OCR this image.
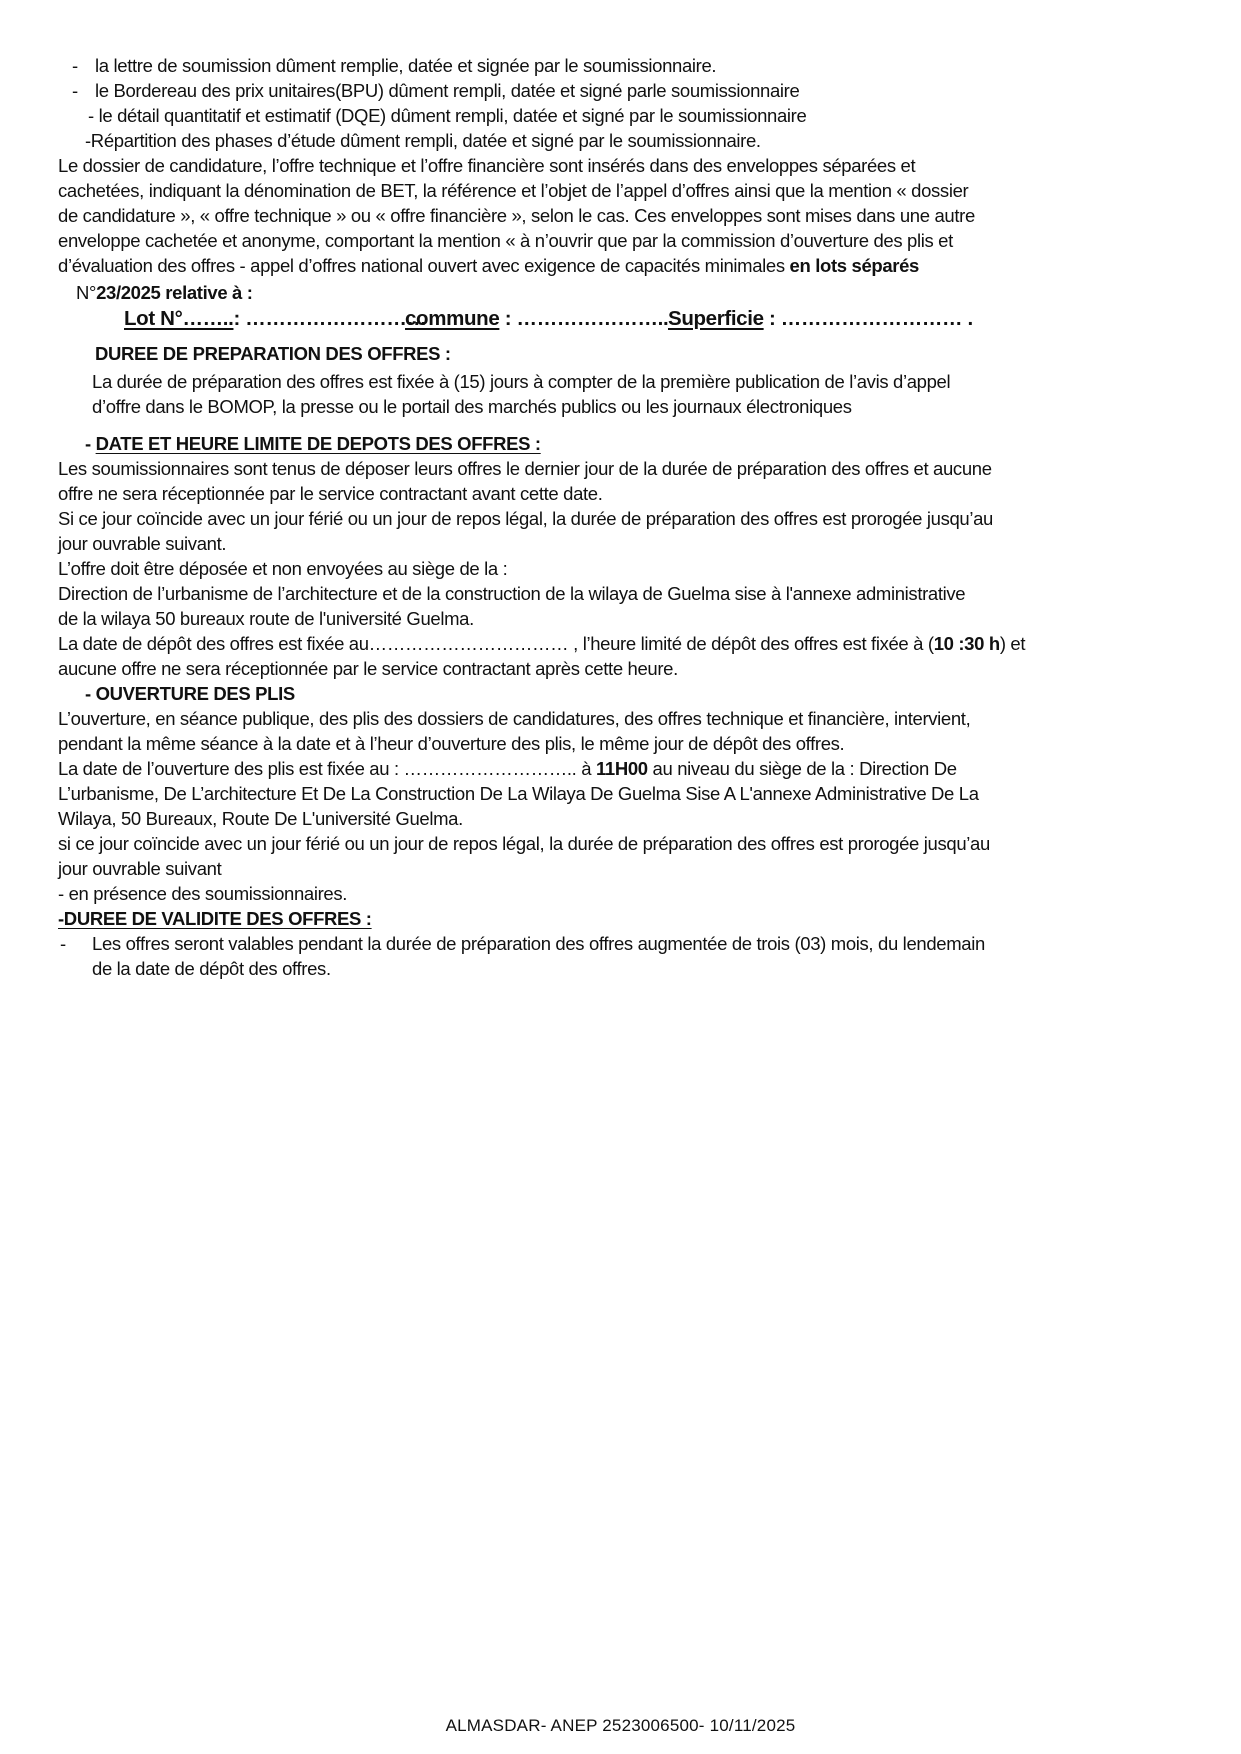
- la lettre de soumission dûment remplie, datée et signée par le soumissionnaire.
- le Bordereau des prix unitaires(BPU) dûment rempli, datée et signé parle soumissionnaire
- le détail quantitatif et estimatif (DQE) dûment rempli, datée et signé par le soumissionnaire
-Répartition des phases d’étude dûment rempli, datée et signé par le soumissionnaire.
Le dossier de candidature, l’offre technique et l’offre financière sont insérés dans des enveloppes séparées et
cachetées, indiquant la dénomination de BET, la référence et l’objet de l’appel d’offres ainsi que la mention « dossier
de candidature », « offre technique » ou « offre financière », selon le cas. Ces enveloppes sont mises dans une autre
enveloppe cachetée et anonyme, comportant la mention « à n’ouvrir que par la commission d’ouverture des plis et
d’évaluation des offres - appel d’offres national ouvert avec exigence de capacités minimales en lots séparés
N°23/2025 relative à :
Lot N°……..: ………………………
commune : ………………….. Superficie : ……………………… .
DUREE DE PREPARATION DES OFFRES :
La durée de préparation des offres est fixée à (15) jours à compter de la première publication de l’avis d’appel
d’offre dans le BOMOP, la presse ou le portail des marchés publics ou les journaux électroniques
- DATE ET HEURE LIMITE DE DEPOTS DES OFFRES :
Les soumissionnaires sont tenus de déposer leurs offres le dernier jour de la durée de préparation des offres et aucune
offre ne sera réceptionnée par le service contractant avant cette date.
Si ce jour coïncide avec un jour férié ou un jour de repos légal, la durée de préparation des offres est prorogée jusqu’au
jour ouvrable suivant.
L’offre doit être déposée et non envoyées au siège de la :
Direction de l’urbanisme de l’architecture et de la construction de la wilaya de Guelma sise à l'annexe administrative
de la wilaya 50 bureaux route de l'université Guelma.
La date de dépôt des offres est fixée au…………………………… , l’heure limité de dépôt des offres est fixée à (10 :30 h) et
aucune offre ne sera réceptionnée par le service contractant après cette heure.
- OUVERTURE DES PLIS
L’ouverture, en séance publique, des plis des dossiers de candidatures, des offres technique et financière, intervient,
pendant la même séance à la date et à l’heur d’ouverture des plis, le même jour de dépôt des offres.
La date de l’ouverture des plis est fixée au : ……………………….. à 11H00 au niveau du siège de la : Direction De
L’urbanisme, De L’architecture Et De La Construction De La Wilaya De Guelma Sise A L'annexe Administrative De La
Wilaya, 50 Bureaux, Route De L'université Guelma.
si ce jour coïncide avec un jour férié ou un jour de repos légal, la durée de préparation des offres est prorogée jusqu’au
jour ouvrable suivant
- en présence des soumissionnaires.
-DUREE DE VALIDITE DES OFFRES :
- Les offres seront valables pendant la durée de préparation des offres augmentée de trois (03) mois, du lendemain
de la date de dépôt des offres.
ALMASDAR- ANEP 2523006500- 10/11/2025
